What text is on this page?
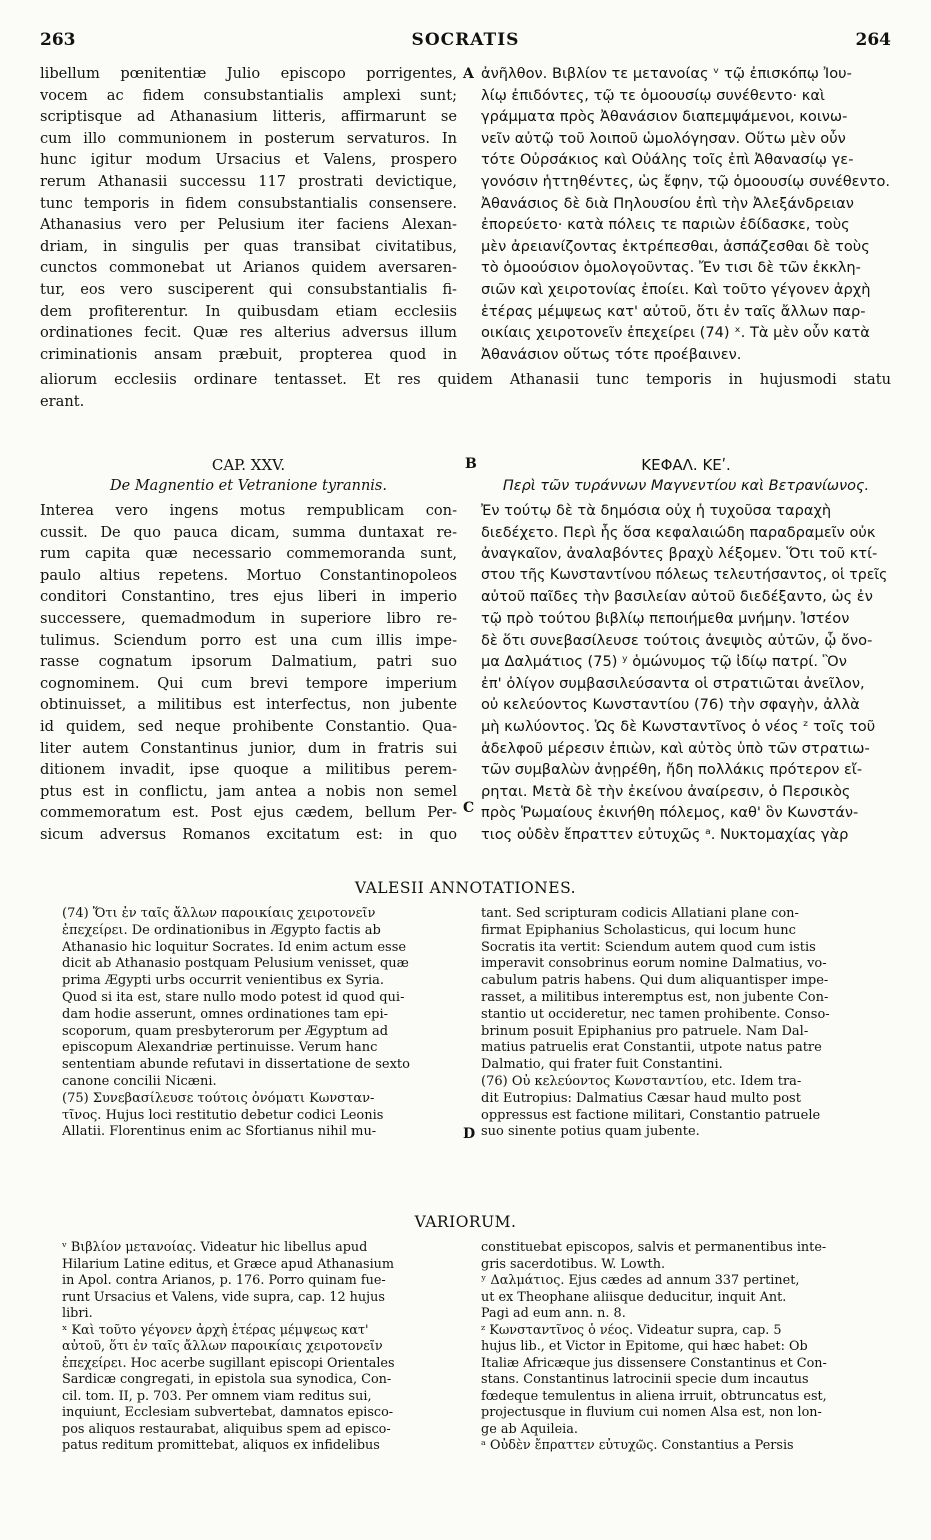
263	SOCRATIS	264
libellum pœnitentiæ Julio episcopo porrigentes,
vocem ac fidem consubstantialis amplexi sunt;
scriptisque ad Athanasium litteris, affirmarunt se
cum illo communionem in posterum servaturos. In
hunc igitur modum Ursacius et Valens, prospero
rerum Athanasii successu 117 prostrati devictique,
tunc temporis in fidem consubstantialis consensere.
Athanasius vero per Pelusium iter faciens Alexan-
driam, in singulis per quas transibat civitatibus,
cunctos commonebat ut Arianos quidem aversaren-
tur, eos vero susciperent qui consubstantialis fi-
dem profiterentur. In quibusdam etiam ecclesiis
ordinationes fecit. Quæ res alterius adversus illum
criminationis ansam præbuit, propterea quod in
A ἀνῆλθον. Βιβλίον τε μετανοίας ᵛ τῷ ἐπισκόπῳ Ἰου-
λίῳ ἐπιδόντες, τῷ τε ὁμοουσίῳ συνέθεντο· καὶ
γράμματα πρὸς Ἀθανάσιον διαπεμψάμενοι, κοινω-
νεῖν αὐτῷ τοῦ λοιποῦ ὡμολόγησαν. Οὕτω μὲν οὖν
τότε Οὐρσάκιος καὶ Οὐάλης τοῖς ἐπὶ Ἀθανασίῳ γε-
γονόσιν ἡττηθέντες, ὡς ἔφην, τῷ ὁμοουσίῳ συνέθεντο.
Ἀθανάσιος δὲ διὰ Πηλουσίου ἐπὶ τὴν Ἀλεξάνδρειαν
ἐπορεύετο· κατὰ πόλεις τε παριὼν ἐδίδασκε, τοὺς
μὲν ἀρειανίζοντας ἐκτρέπεσθαι, ἀσπάζεσθαι δὲ τοὺς
τὸ ὁμοούσιον ὁμολογοῦντας. Ἔν τισι δὲ τῶν ἐκκλη-
σιῶν καὶ χειροτονίας ἐποίει. Καὶ τοῦτο γέγονεν ἀρχὴ
ἑτέρας μέμψεως κατ' αὐτοῦ, ὅτι ἐν ταῖς ἄλλων παρ-
οικίαις χειροτονεῖν ἐπεχείρει (74) ˣ. Τὰ μὲν οὖν κατὰ
Ἀθανάσιον οὕτως τότε προέβαινεν.
aliorum ecclesiis ordinare tentasset. Et res quidem Athanasii tunc temporis in hujusmodi statu
erant.
CAP. XXV.	B	ΚΕΦΑΛ. ΚΕʹ.
De Magnentio et Vetranione tyrannis.	Περὶ τῶν τυράννων Μαγνεντίου καὶ Βετρανίωνος.
Interea vero ingens motus rempublicam con-
cussit. De quo pauca dicam, summa duntaxat re-
rum capita quæ necessario commemoranda sunt,
paulo altius repetens. Mortuo Constantinopoleos
conditori Constantino, tres ejus liberi in imperio
successere, quemadmodum in superiore libro re-
tulimus. Sciendum porro est una cum illis impe-
rasse cognatum ipsorum Dalmatium, patri suo
cognominem. Qui cum brevi tempore imperium
obtinuisset, a militibus est interfectus, non jubente
id quidem, sed neque prohibente Constantio. Qua-
liter autem Constantinus junior, dum in fratris sui
ditionem invadit, ipse quoque a militibus perem-
ptus est in conflictu, jam antea a nobis non semel
commemoratum est. Post ejus cædem, bellum Per-
sicum adversus Romanos excitatum est: in quo
C
Ἐν τούτῳ δὲ τὰ δημόσια οὐχ ἡ τυχοῦσα ταραχὴ
διεδέχετο. Περὶ ἧς ὅσα κεφαλαιώδη παραδραμεῖν οὐκ
ἀναγκαῖον, ἀναλαβόντες βραχὺ λέξομεν. Ὅτι τοῦ κτί-
στου τῆς Κωνσταντίνου πόλεως τελευτήσαντος, οἱ τρεῖς
αὐτοῦ παῖδες τὴν βασιλείαν αὐτοῦ διεδέξαντο, ὡς ἐν
τῷ πρὸ τούτου βιβλίῳ πεποιήμεθα μνήμην. Ἰστέον
δὲ ὅτι συνεβασίλευσε τούτοις ἀνεψιὸς αὐτῶν, ᾧ ὄνο-
μα Δαλμάτιος (75) ʸ ὁμώνυμος τῷ ἰδίῳ πατρί. Ὃν
ἐπ' ὀλίγον συμβασιλεύσαντα οἱ στρατιῶται ἀνεῖλον,
οὐ κελεύοντος Κωνσταντίου (76) τὴν σφαγὴν, ἀλλὰ
μὴ κωλύοντος. Ὡς δὲ Κωνσταντῖνος ὁ νέος ᶻ τοῖς τοῦ
ἀδελφοῦ μέρεσιν ἐπιὼν, καὶ αὐτὸς ὑπὸ τῶν στρατιω-
τῶν συμβαλὼν ἀνῃρέθη, ἤδη πολλάκις πρότερον εἴ-
ρηται. Μετὰ δὲ τὴν ἐκείνου ἀναίρεσιν, ὁ Περσικὸς
πρὸς Ῥωμαίους ἐκινήθη πόλεμος, καθ' ὃν Κωνστάν-
τιος οὐδὲν ἔπραττεν εὐτυχῶς ᵃ. Νυκτομαχίας γὰρ
VALESII ANNOTATIONES.
(74) Ὅτι ἐν ταῖς ἄλλων παροικίαις χειροτονεῖν
ἐπεχείρει. De ordinationibus in Ægypto factis ab
Athanasio hic loquitur Socrates. Id enim actum esse
dicit ab Athanasio postquam Pelusium venisset, quæ
prima Ægypti urbs occurrit venientibus ex Syria.
Quod si ita est, stare nullo modo potest id quod qui-
dam hodie asserunt, omnes ordinationes tam epi-
scoporum, quam presbyterorum per Ægyptum ad
episcopum Alexandriæ pertinuisse. Verum hanc
sententiam abunde refutavi in dissertatione de sexto
canone concilii Nicæni.
(75) Συνεβασίλευσε τούτοις ὀνόματι Κωνσταν-
τῖνος. Hujus loci restitutio debetur codici Leonis
Allatii. Florentinus enim ac Sfortianus nihil mu-	D
tant. Sed scripturam codicis Allatiani plane con-
firmat Epiphanius Scholasticus, qui locum hunc
Socratis ita vertit: Sciendum autem quod cum istis
imperavit consobrinus eorum nomine Dalmatius, vo-
cabulum patris habens. Qui dum aliquantisper impe-
rasset, a militibus interemptus est, non jubente Con-
stantio ut occideretur, nec tamen prohibente. Conso-
brinum posuit Epiphanius pro patruele. Nam Dal-
matius patruelis erat Constantii, utpote natus patre
Dalmatio, qui frater fuit Constantini.
(76) Οὐ κελεύοντος Κωνσταντίου, etc. Idem tra-
dit Eutropius: Dalmatius Cæsar haud multo post
oppressus est factione militari, Constantio patruele
suo sinente potius quam jubente.
VARIORUM.
ᵛ Βιβλίον μετανοίας. Videatur hic libellus apud
Hilarium Latine editus, et Græce apud Athanasium
in Apol. contra Arianos, p. 176. Porro quinam fue-
runt Ursacius et Valens, vide supra, cap. 12 hujus
libri.
ˣ Καὶ τοῦτο γέγονεν ἀρχὴ ἑτέρας μέμψεως κατ'
αὐτοῦ, ὅτι ἐν ταῖς ἄλλων παροικίαις χειροτονεῖν
ἐπεχείρει. Hoc acerbe sugillant episcopi Orientales
Sardicæ congregati, in epistola sua synodica, Con-
cil. tom. II, p. 703. Per omnem viam reditus sui,
inquiunt, Ecclesiam subvertebat, damnatos episco-
pos aliquos restaurabat, aliquibus spem ad episco-
patus reditum promittebat, aliquos ex infidelibus
constituebat episcopos, salvis et permanentibus inte-
gris sacerdotibus. W. Lowth.
ʸ Δαλμάτιος. Ejus cædes ad annum 337 pertinet,
ut ex Theophane aliisque deducitur, inquit Ant.
Pagi ad eum ann. n. 8.
ᶻ Κωνσταντῖνος ὁ νέος. Videatur supra, cap. 5
hujus lib., et Victor in Epitome, qui hæc habet: Ob
Italiæ Africæque jus dissensere Constantinus et Con-
stans. Constantinus latrocinii specie dum incautus
fœdeque temulentus in aliena irruit, obtruncatus est,
projectusque in fluvium cui nomen Alsa est, non lon-
ge ab Aquileia.
ᵃ Οὐδὲν ἔπραττεν εὐτυχῶς. Constantius a Persis
